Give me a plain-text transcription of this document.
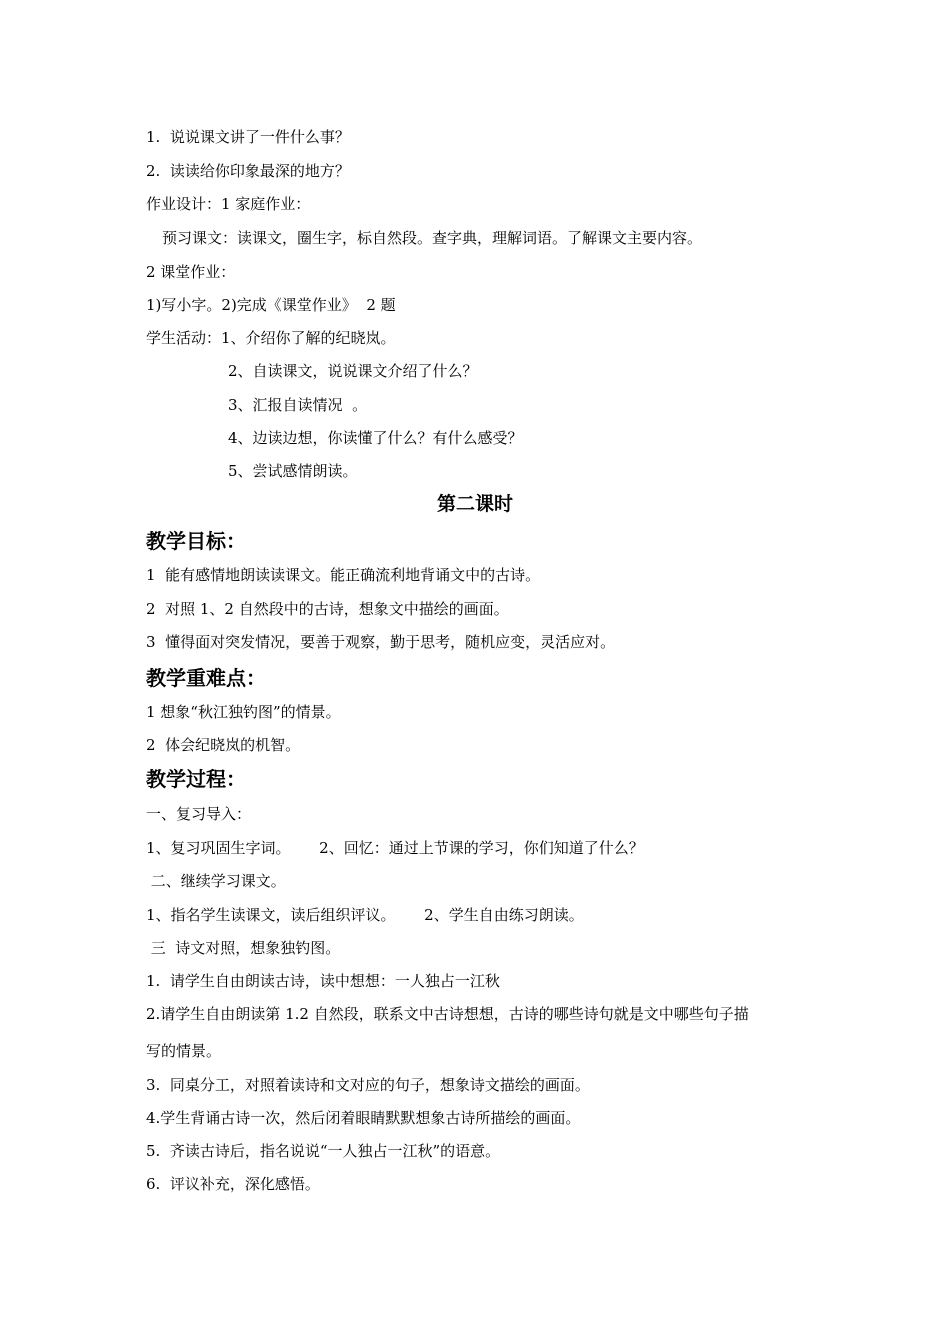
1.  说说课文讲了一件什么事？
2.  读读给你印象最深的地方？
作业设计：1 家庭作业：
预习课文：读课文，圈生字，标自然段。查字典，理解词语。了解课文主要内容。
2 课堂作业：
1)写小字。2)完成《课堂作业》  2 题
学生活动：1、介绍你了解的纪晓岚。
2、自读课文，说说课文介绍了什么？
3、汇报自读情况  。
4、边读边想，你读懂了什么？有什么感受？
5、尝试感情朗读。
第二课时
教学目标：
1  能有感情地朗读读课文。能正确流利地背诵文中的古诗。
2  对照 1、2 自然段中的古诗，想象文中描绘的画面。
3  懂得面对突发情况，要善于观察，勤于思考，随机应变，灵活应对。
教学重难点：
1 想象“秋江独钓图”的情景。
2  体会纪晓岚的机智。
教学过程：
一、复习导入：
1、复习巩固生字词。      2、回忆：通过上节课的学习，你们知道了什么？
二、继续学习课文。
1、指名学生读课文，读后组织评议。      2、学生自由练习朗读。
三  诗文对照，想象独钓图。
1.  请学生自由朗读古诗，读中想想：一人独占一江秋
2.请学生自由朗读第 1.2 自然段，联系文中古诗想想，古诗的哪些诗句就是文中哪些句子描
写的情景。
3.  同桌分工，对照着读诗和文对应的句子，想象诗文描绘的画面。
4.学生背诵古诗一次，然后闭着眼睛默默想象古诗所描绘的画面。
5.  齐读古诗后，指名说说“一人独占一江秋”的语意。
6.  评议补充，深化感悟。
